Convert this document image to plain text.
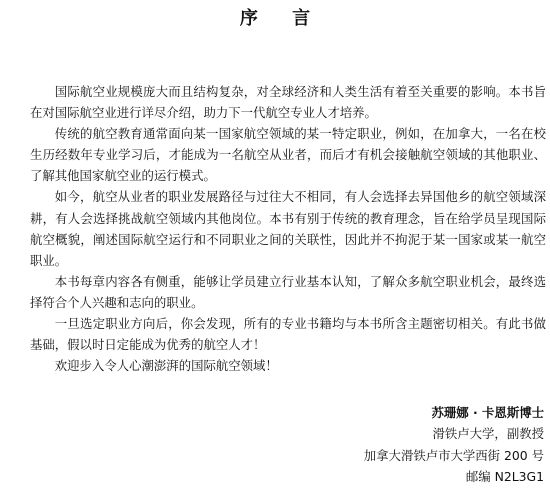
序 言

国际航空业规模庞大而且结构复杂，对全球经济和人类生活有着至关重要的影响。本书旨在对国际航空业进行详尽介绍，助力下一代航空专业人才培养。

传统的航空教育通常面向某一国家航空领域的某一特定职业，例如，在加拿大，一名在校生历经数年专业学习后，才能成为一名航空从业者，而后才有机会接触航空领域的其他职业、了解其他国家航空业的运行模式。

如今，航空从业者的职业发展路径与过往大不相同，有人会选择去异国他乡的航空领域深耕，有人会选择挑战航空领域内其他岗位。本书有别于传统的教育理念，旨在给学员呈现国际航空概貌，阐述国际航空运行和不同职业之间的关联性，因此并不拘泥于某一国家或某一航空职业。

本书每章内容各有侧重，能够让学员建立行业基本认知，了解众多航空职业机会，最终选择符合个人兴趣和志向的职业。

一旦选定职业方向后，你会发现，所有的专业书籍均与本书所含主题密切相关。有此书做基础，假以时日定能成为优秀的航空人才！

欢迎步入令人心潮澎湃的国际航空领域！

苏珊娜 · 卡恩斯博士
滑铁卢大学，副教授
加拿大滑铁卢市大学西街 200 号
邮编 N2L3G1
